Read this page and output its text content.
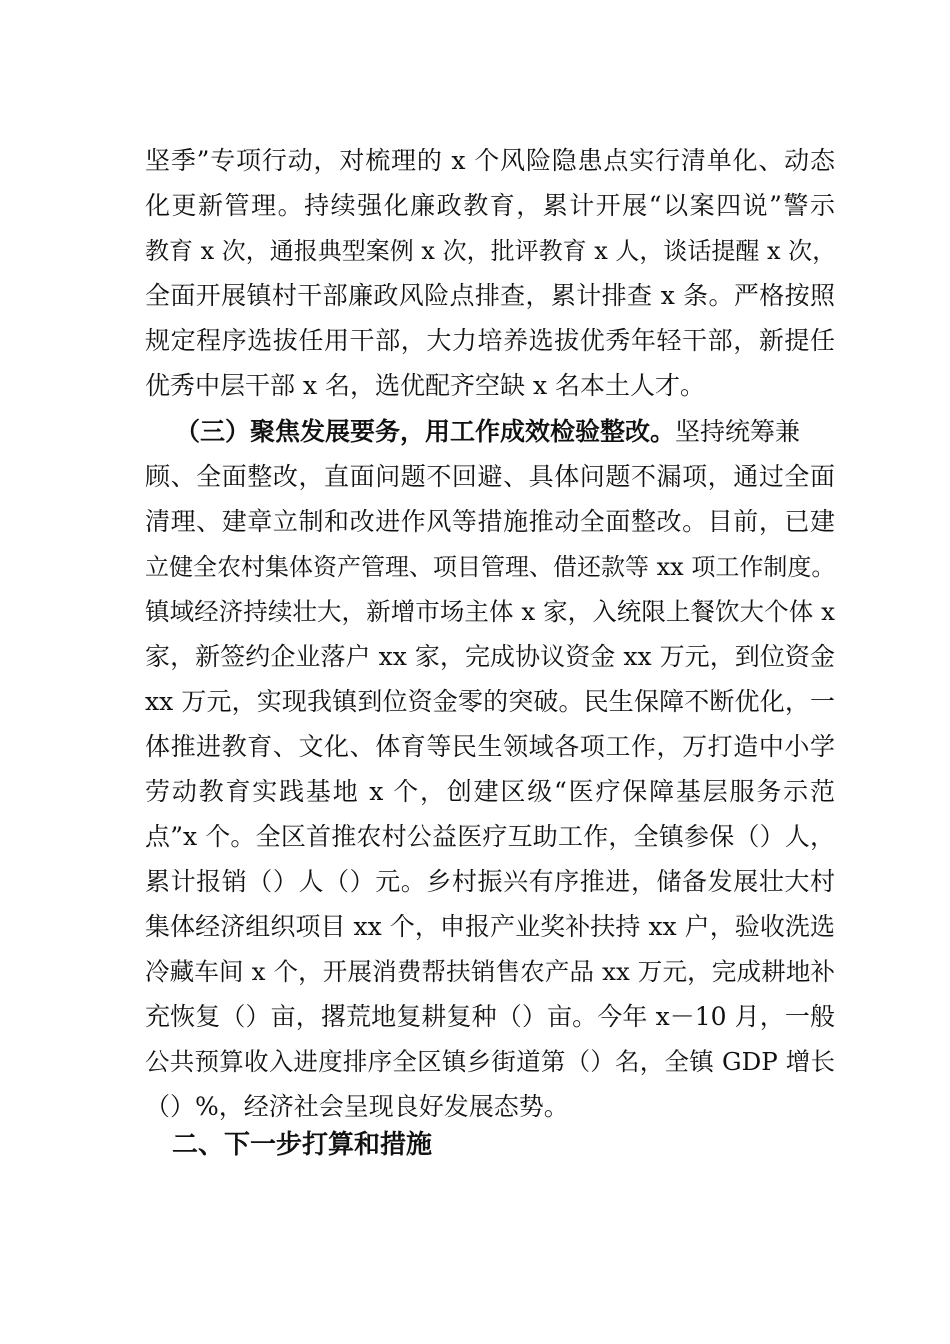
坚季”专项行动，对梳理的 x 个风险隐患点实行清单化、动态
化更新管理。持续强化廉政教育，累计开展“以案四说”警示
教育 x 次，通报典型案例 x 次，批评教育 x 人，谈话提醒 x 次，
全面开展镇村干部廉政风险点排查，累计排查 x 条。严格按照
规定程序选拔任用干部，大力培养选拔优秀年轻干部，新提任
优秀中层干部 x 名，选优配齐空缺 x 名本土人才。
（三）聚焦发展要务，用工作成效检验整改。坚持统筹兼
顾、全面整改，直面问题不回避、具体问题不漏项，通过全面
清理、建章立制和改进作风等措施推动全面整改。目前，已建
立健全农村集体资产管理、项目管理、借还款等 xx 项工作制度。
镇域经济持续壮大，新增市场主体 x 家，入统限上餐饮大个体 x
家，新签约企业落户 xx 家，完成协议资金 xx 万元，到位资金
xx 万元，实现我镇到位资金零的突破。民生保障不断优化，一
体推进教育、文化、体育等民生领域各项工作，万打造中小学
劳动教育实践基地 x 个，创建区级“医疗保障基层服务示范
点”x 个。全区首推农村公益医疗互助工作，全镇参保（）人，
累计报销（）人（）元。乡村振兴有序推进，储备发展壮大村
集体经济组织项目 xx 个，申报产业奖补扶持 xx 户，验收洗选
冷藏车间 x 个，开展消费帮扶销售农产品 xx 万元，完成耕地补
充恢复（）亩，撂荒地复耕复种（）亩。今年 x－10 月，一般
公共预算收入进度排序全区镇乡街道第（）名，全镇 GDP 增长
（）%，经济社会呈现良好发展态势。
二、下一步打算和措施
